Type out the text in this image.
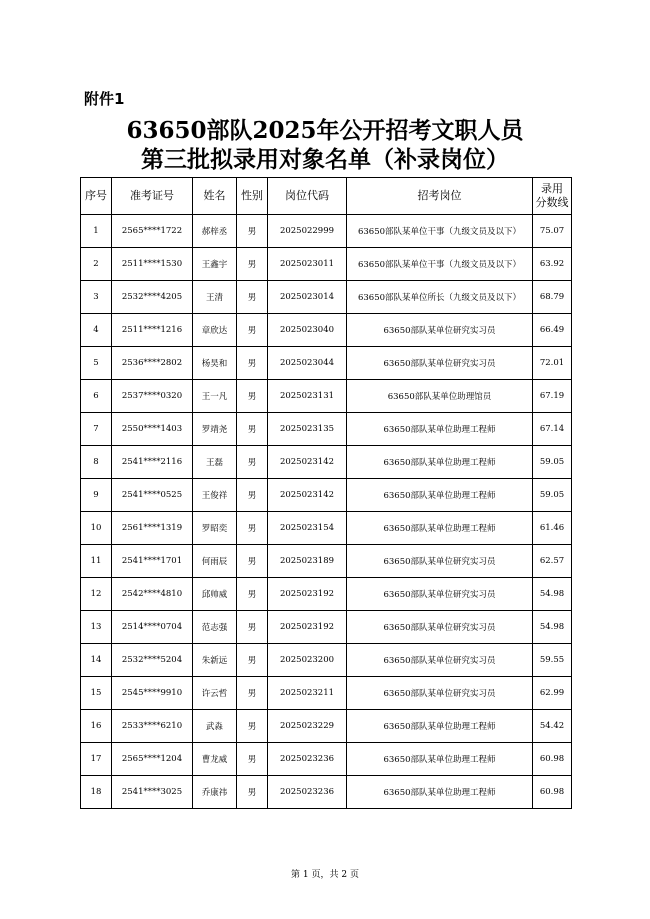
附件1
63650部队2025年公开招考文职人员
第三批拟录用对象名单（补录岗位）
序号	准考证号	姓名	性别	岗位代码	招考岗位	录用
分数线
1	2565****1722	郝梓丞	男	2025022999	63650部队某单位干事（九级文员及以下）	75.07
2	2511****1530	王鑫宇	男	2025023011	63650部队某单位干事（九级文员及以下）	63.92
3	2532****4205	王清	男	2025023014	63650部队某单位所长（九级文员及以下）	68.79
4	2511****1216	章欣达	男	2025023040	63650部队某单位研究实习员	66.49
5	2536****2802	杨昊和	男	2025023044	63650部队某单位研究实习员	72.01
6	2537****0320	王一凡	男	2025023131	63650部队某单位助理馆员	67.19
7	2550****1403	罗靖尧	男	2025023135	63650部队某单位助理工程师	67.14
8	2541****2116	王磊	男	2025023142	63650部队某单位助理工程师	59.05
9	2541****0525	王俊祥	男	2025023142	63650部队某单位助理工程师	59.05
10	2561****1319	罗昭奕	男	2025023154	63650部队某单位助理工程师	61.46
11	2541****1701	何雨辰	男	2025023189	63650部队某单位研究实习员	62.57
12	2542****4810	邱帅威	男	2025023192	63650部队某单位研究实习员	54.98
13	2514****0704	范志强	男	2025023192	63650部队某单位研究实习员	54.98
14	2532****5204	朱新远	男	2025023200	63650部队某单位研究实习员	59.55
15	2545****9910	许云哲	男	2025023211	63650部队某单位研究实习员	62.99
16	2533****6210	武淼	男	2025023229	63650部队某单位助理工程师	54.42
17	2565****1204	曹龙威	男	2025023236	63650部队某单位助理工程师	60.98
18	2541****3025	乔康祎	男	2025023236	63650部队某单位助理工程师	60.98
第 1 页，共 2 页
